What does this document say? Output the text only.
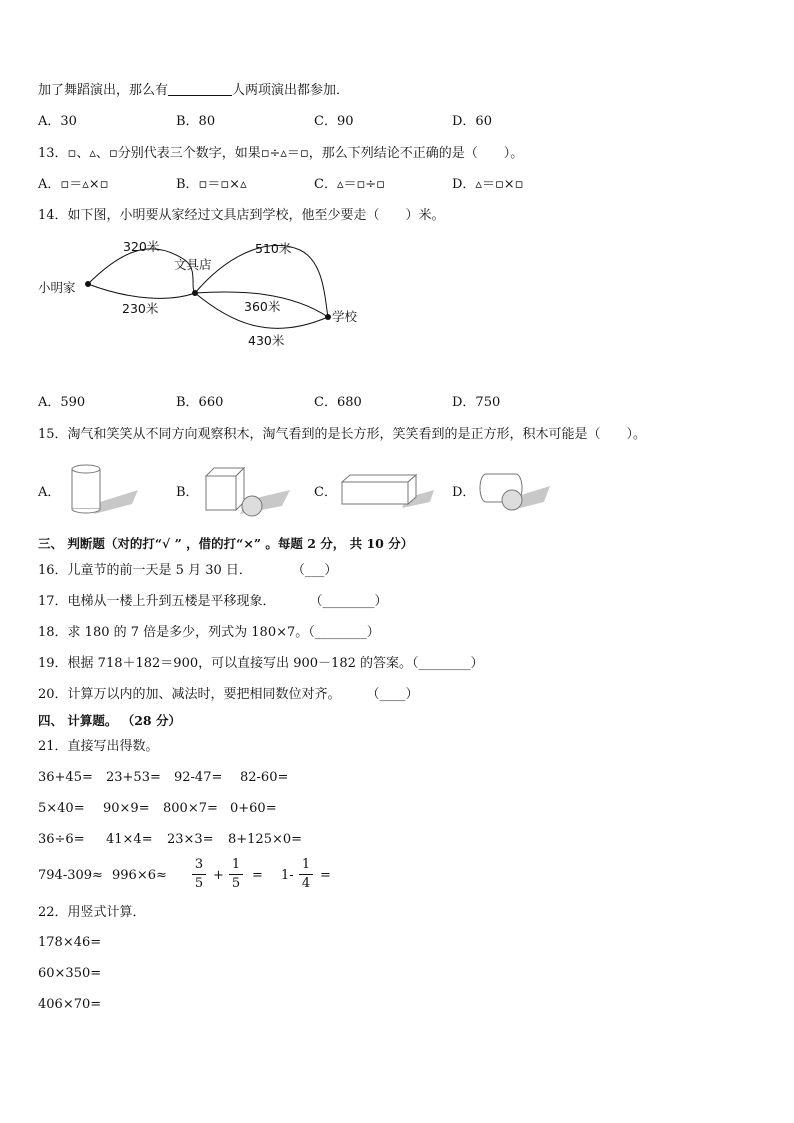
加了舞蹈演出，那么有	人两项演出都参加．
A．30	B．80	C．90	D．60
13．▫、▵、▫分别代表三个数字，如果▫÷▵＝▫，那么下列结论不正确的是（　　）。
A．▫＝▵×▫	B．▫＝▫×▵	C．▵＝▫÷▫	D．▵＝▫×▫
14．如下图，小明要从家经过文具店到学校，他至少要走（　　）米。
小明家
文具店
学校
320米
230米
510米
360米
430米
A．590	B．660	C．680	D．750
15．淘气和笑笑从不同方向观察积木，淘气看到的是长方形，笑笑看到的是正方形，积木可能是（　　）。
A．	B．	C．	D．
三、 判断题（对的打“√ ” ，借的打“×” 。每题 2 分， 共 10 分）
16．儿童节的前一天是 5 月 30 日．	（___）
17．电梯从一楼上升到五楼是平移现象．	（________）
18．求 180 的 7 倍是多少，列式为 180×7。（________）
19．根据 718＋182＝900，可以直接写出 900－182 的答案。（________）
20．计算万以内的加、减法时，要把相同数位对齐。 （____）
四、 计算题。 （28 分）
21．直接写出得数。
36+45= 23+53= 92-47= 82-60=
5×40= 90×9= 800×7= 0+60=
36÷6= 41×4= 23×3= 8+125×0=
794-309≈ 996×6≈
3
5
+
1
5
= 1-
1
4
=
22．用竖式计算．
178×46=
60×350=
406×70=
